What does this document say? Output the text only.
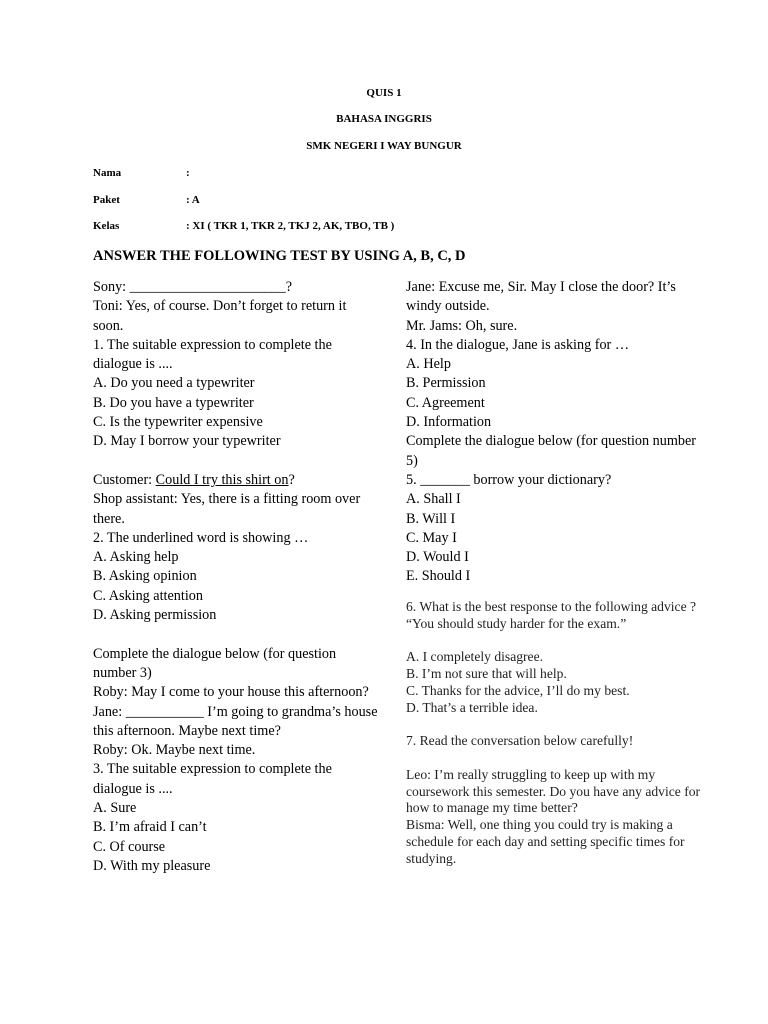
QUIS 1
BAHASA INGGRIS
SMK NEGERI I WAY BUNGUR
Nama	:
Paket	: A
Kelas	: XI ( TKR 1, TKR 2, TKJ 2, AK, TBO, TB )
ANSWER THE FOLLOWING TEST BY USING A, B, C, D

Sony: ______________________?

Toni: Yes, of course. Don’t forget to return it soon.

1. The suitable expression to complete the dialogue is ....

A. Do you need a typewriter

B. Do you have a typewriter

C. Is the typewriter expensive

D. May I borrow your typewriter

Customer: Could I try this shirt on?

Shop assistant: Yes, there is a fitting room over there.

2. The underlined word is showing …

A. Asking help

B. Asking opinion

C. Asking attention

D. Asking permission

Complete the dialogue below (for question number 3)

Roby: May I come to your house this afternoon?

Jane: ___________ I’m going to grandma’s house this afternoon. Maybe next time?

Roby: Ok. Maybe next time.

3. The suitable expression to complete the dialogue is ....

A. Sure

B. I’m afraid I can’t

C. Of course

D. With my pleasure

Jane: Excuse me, Sir. May I close the door? It’s windy outside.

Mr. Jams: Oh, sure.

4. In the dialogue, Jane is asking for …

A. Help

B. Permission

C. Agreement

D. Information

Complete the dialogue below (for question number 5)

5. _______ borrow your dictionary?

A. Shall I

B. Will I

C. May I

D. Would I

E. Should I

6. What is the best response to the following advice ? “You should study harder for the exam.”

A. I completely disagree.

B. I’m not sure that will help.

C. Thanks for the advice, I’ll do my best.

D. That’s a terrible idea.

7. Read the conversation below carefully!

Leo: I’m really struggling to keep up with my coursework this semester. Do you have any advice for how to manage my time better?

Bisma: Well, one thing you could try is making a schedule for each day and setting specific times for studying.
